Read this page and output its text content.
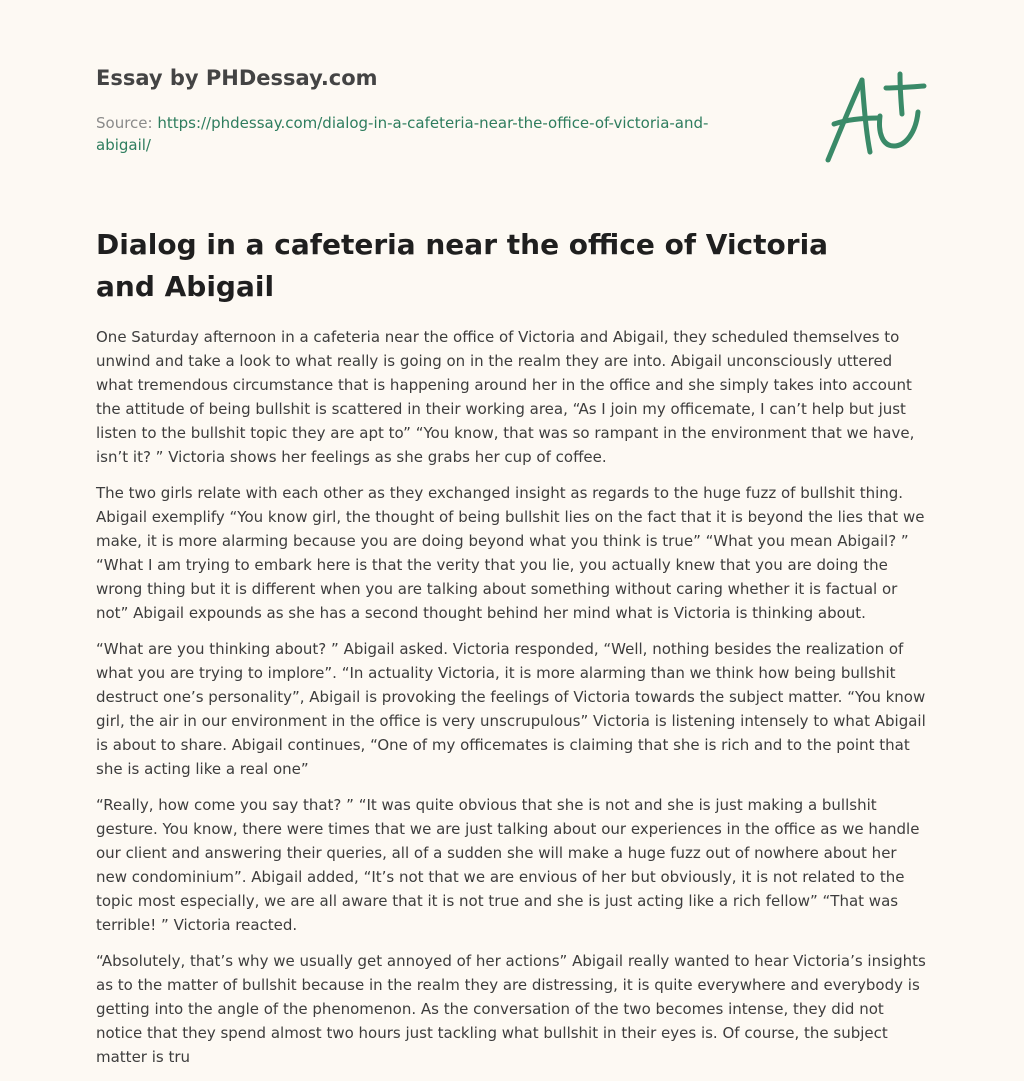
Essay by PHDessay.com

Source: https://phdessay.com/dialog-in-a-cafeteria-near-the-office-of-victoria-and-abigail/

Dialog in a cafeteria near the office of Victoria and Abigail

One Saturday afternoon in a cafeteria near the office of Victoria and Abigail, they scheduled themselves to unwind and take a look to what really is going on in the realm they are into. Abigail unconsciously uttered what tremendous circumstance that is happening around her in the office and she simply takes into account the attitude of being bullshit is scattered in their working area, “As I join my officemate, I can’t help but just listen to the bullshit topic they are apt to” “You know, that was so rampant in the environment that we have, isn’t it? ” Victoria shows her feelings as she grabs her cup of coffee.

The two girls relate with each other as they exchanged insight as regards to the huge fuzz of bullshit thing. Abigail exemplify “You know girl, the thought of being bullshit lies on the fact that it is beyond the lies that we make, it is more alarming because you are doing beyond what you think is true” “What you mean Abigail? ” “What I am trying to embark here is that the verity that you lie, you actually knew that you are doing the wrong thing but it is different when you are talking about something without caring whether it is factual or not” Abigail expounds as she has a second thought behind her mind what is Victoria is thinking about.

“What are you thinking about? ” Abigail asked. Victoria responded, “Well, nothing besides the realization of what you are trying to implore”. “In actuality Victoria, it is more alarming than we think how being bullshit destruct one’s personality”, Abigail is provoking the feelings of Victoria towards the subject matter. “You know girl, the air in our environment in the office is very unscrupulous” Victoria is listening intensely to what Abigail is about to share. Abigail continues, “One of my officemates is claiming that she is rich and to the point that she is acting like a real one”

“Really, how come you say that? ” “It was quite obvious that she is not and she is just making a bullshit gesture. You know, there were times that we are just talking about our experiences in the office as we handle our client and answering their queries, all of a sudden she will make a huge fuzz out of nowhere about her new condominium”. Abigail added, “It’s not that we are envious of her but obviously, it is not related to the topic most especially, we are all aware that it is not true and she is just acting like a rich fellow” “That was terrible! ” Victoria reacted.

“Absolutely, that’s why we usually get annoyed of her actions” Abigail really wanted to hear Victoria’s insights as to the matter of bullshit because in the realm they are distressing, it is quite everywhere and everybody is getting into the angle of the phenomenon. As the conversation of the two becomes intense, they did not notice that they spend almost two hours just tackling what bullshit in their eyes is. Of course, the subject matter is tru
